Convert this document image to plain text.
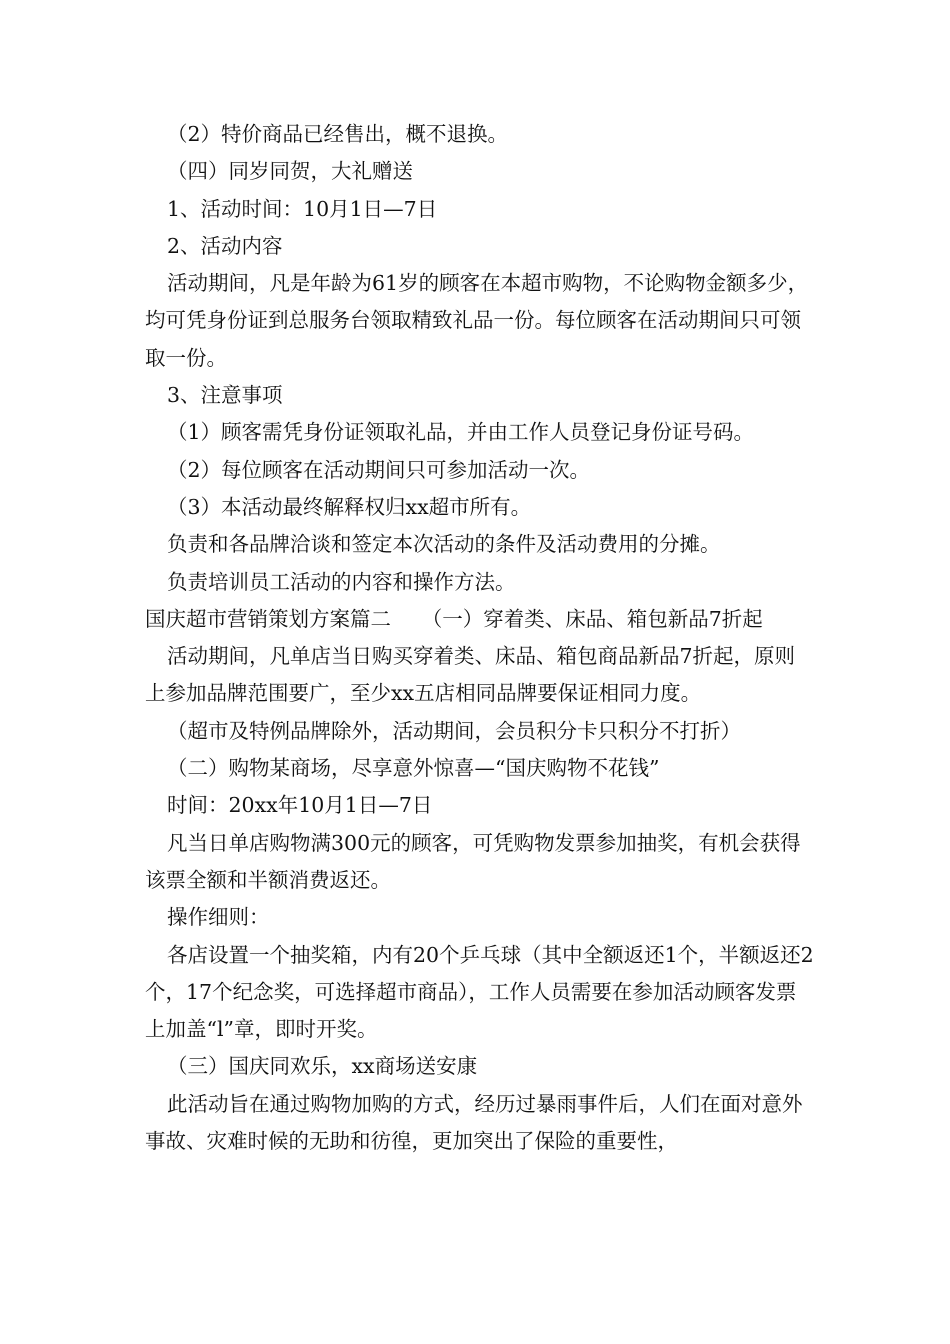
（2）特价商品已经售出，概不退换。

（四）同岁同贺，大礼赠送

1、活动时间：10月1日—7日

2、活动内容

活动期间，凡是年龄为61岁的顾客在本超市购物，不论购物金额多少，均可凭身份证到总服务台领取精致礼品一份。每位顾客在活动期间只可领取一份。

3、注意事项

（1）顾客需凭身份证领取礼品，并由工作人员登记身份证号码。

（2）每位顾客在活动期间只可参加活动一次。

（3）本活动最终解释权归xx超市所有。

负责和各品牌洽谈和签定本次活动的条件及活动费用的分摊。

负责培训员工活动的内容和操作方法。

国庆超市营销策划方案篇二　　（一）穿着类、床品、箱包新品7折起

活动期间，凡单店当日购买穿着类、床品、箱包商品新品7折起，原则上参加品牌范围要广，至少xx五店相同品牌要保证相同力度。

（超市及特例品牌除外，活动期间，会员积分卡只积分不打折）

（二）购物某商场，尽享意外惊喜—“国庆购物不花钱”

时间：20xx年10月1日—7日

凡当日单店购物满300元的顾客，可凭购物发票参加抽奖，有机会获得该票全额和半额消费返还。

操作细则：

各店设置一个抽奖箱，内有20个乒乓球（其中全额返还1个，半额返还2个，17个纪念奖，可选择超市商品），工作人员需要在参加活动顾客发票上加盖“l”章，即时开奖。

（三）国庆同欢乐，xx商场送安康

此活动旨在通过购物加购的方式，经历过暴雨事件后，人们在面对意外事故、灾难时候的无助和彷徨，更加突出了保险的重要性，
